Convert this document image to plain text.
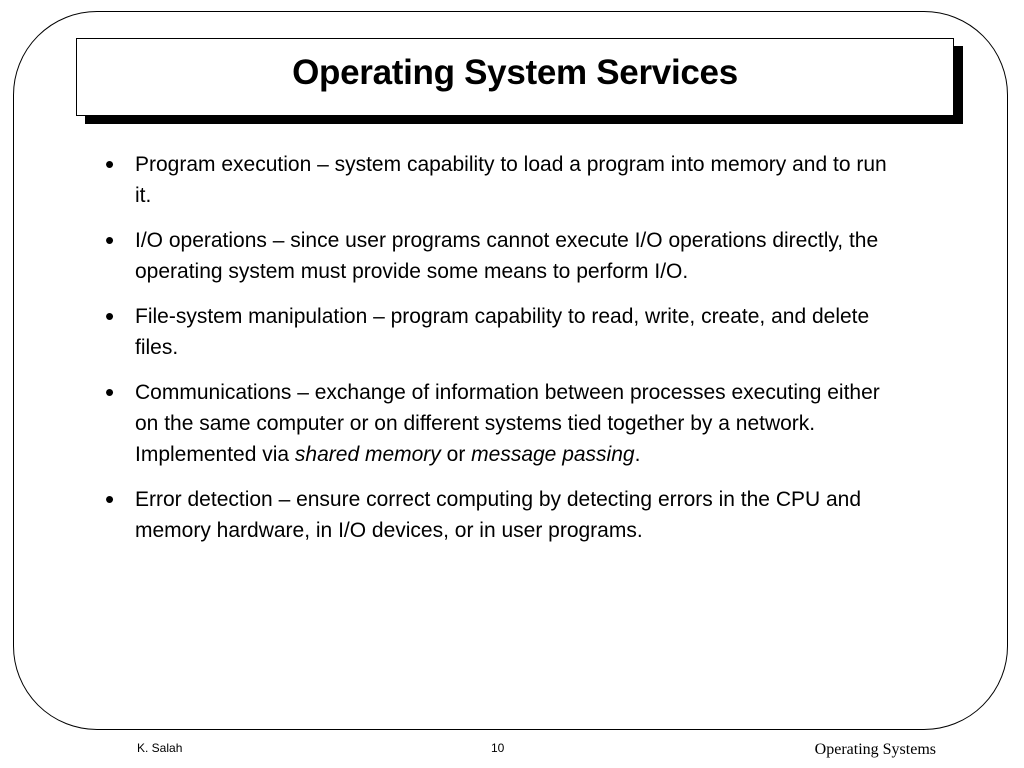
Operating System Services
• Program execution – system capability to load a program into memory and to run it.
• I/O operations – since user programs cannot execute I/O operations directly, the operating system must provide some means to perform I/O.
• File-system manipulation – program capability to read, write, create, and delete files.
• Communications – exchange of information between processes executing either on the same computer or on different systems tied together by a network. Implemented via shared memory or message passing.
• Error detection – ensure correct computing by detecting errors in the CPU and memory hardware, in I/O devices, or in user programs.
K. Salah	10	Operating Systems
